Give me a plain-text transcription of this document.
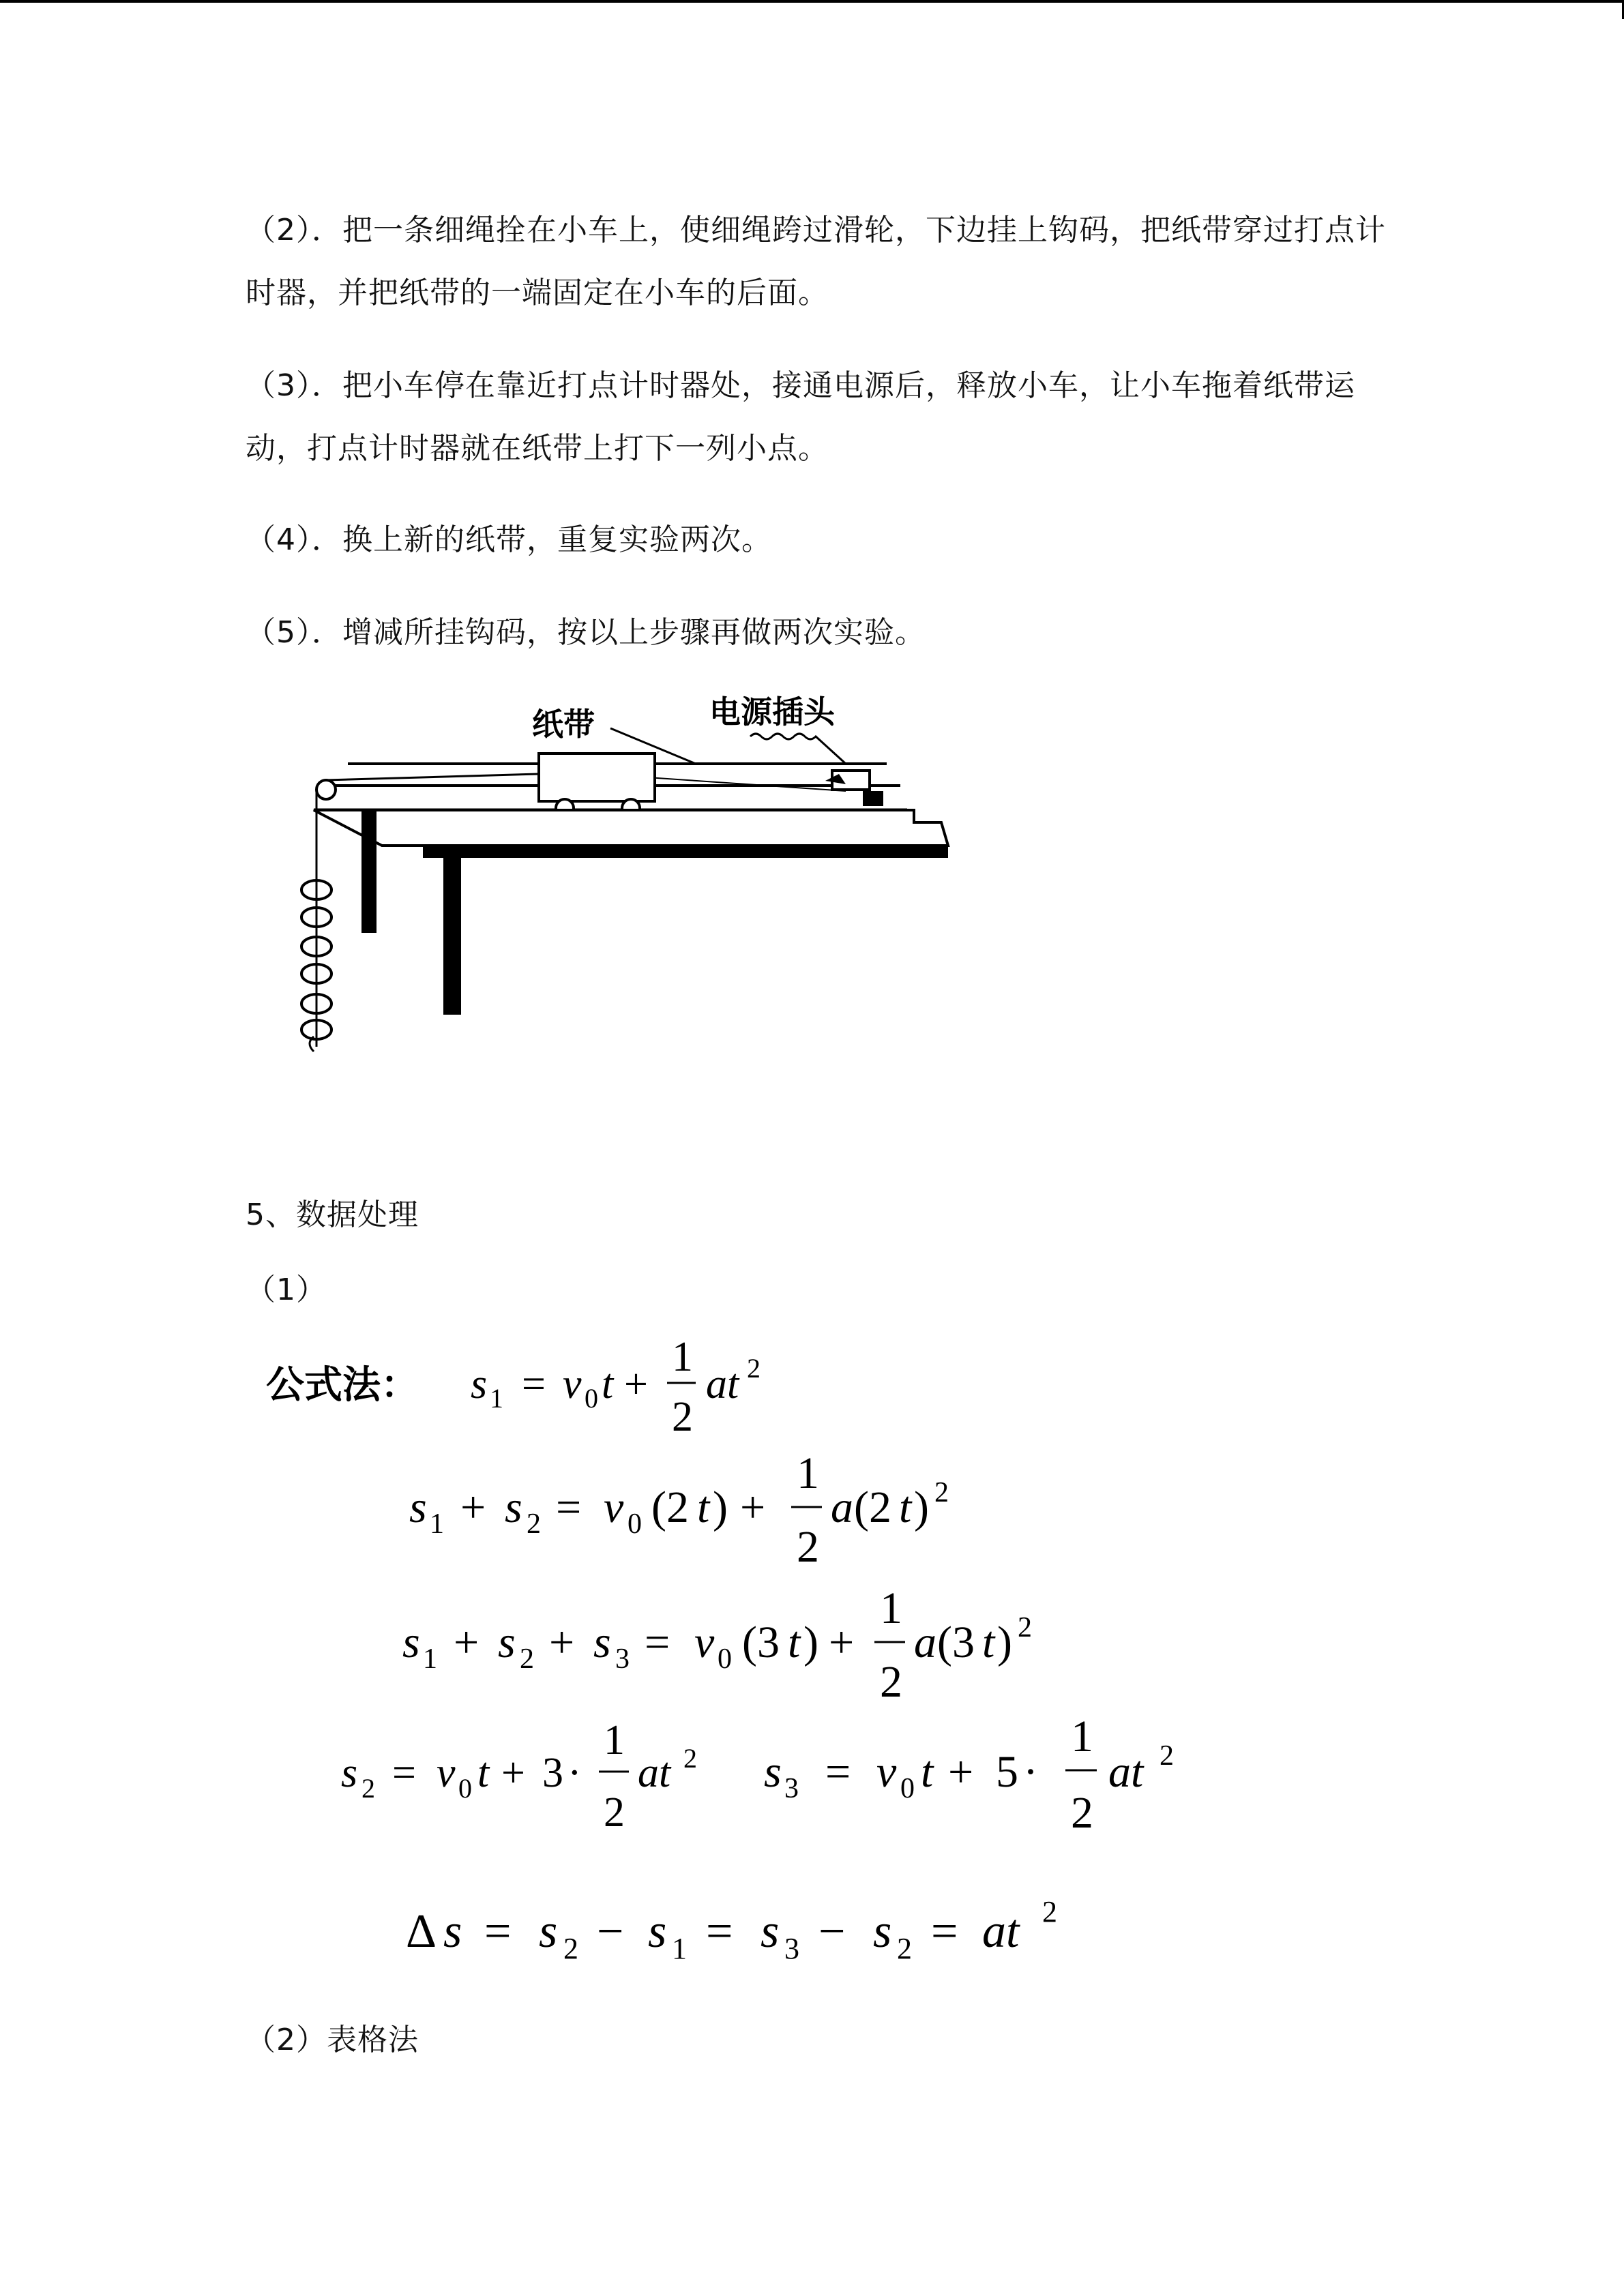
（2）．把一条细绳拴在小车上，使细绳跨过滑轮，下边挂上钩码，把纸带穿过打点计时器，并把纸带的一端固定在小车的后面。
（3）．把小车停在靠近打点计时器处，接通电源后，释放小车，让小车拖着纸带运动，打点计时器就在纸带上打下一列小点。
（4）．换上新的纸带，重复实验两次。
（5）．增减所挂钩码，按以上步骤再做两次实验。
纸带	电源插头
5、数据处理
（1）
公式法： s 1 = v 0 t +
1
2
at 2
s 1 + s 2 = v 0 (2 t ) +
1
2
a (2 t ) 2
s 1 + s 2 + s 3 = v 0 (3 t ) +
1
2
a (3 t ) 2
s 2 = v 0 t + 3 ·
1
2
at 2 s 3 = v 0 t + 5 ·
1
2
at 2
Δ s = s 2 − s 1 = s 3 − s 2 = at 2
（2）表格法
